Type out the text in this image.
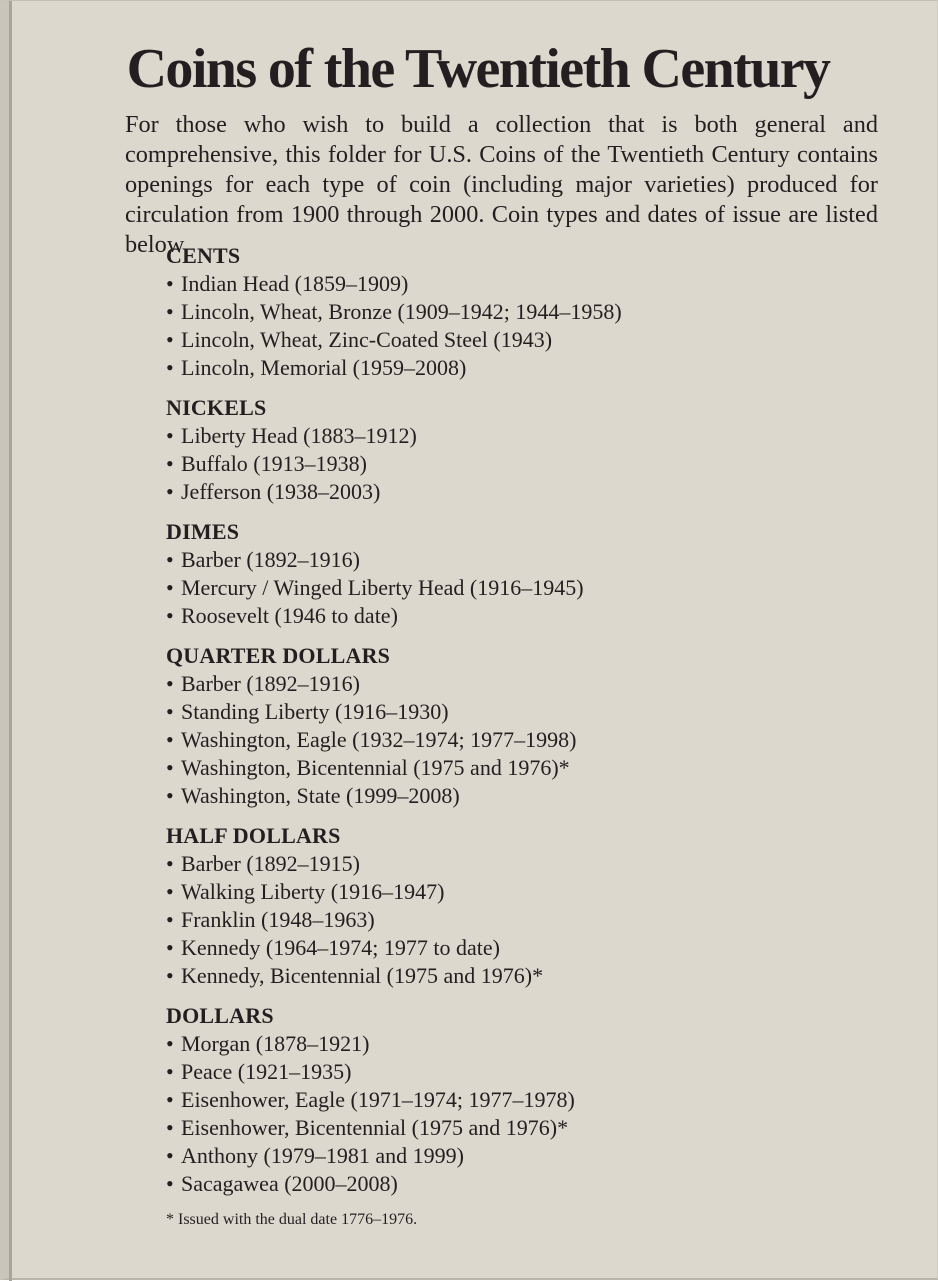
Coins of the Twentieth Century

For those who wish to build a collection that is both general and comprehensive, this folder for U.S. Coins of the Twentieth Century contains openings for each type of coin (including major varieties) produced for circulation from 1900 through 2000. Coin types and dates of issue are listed below.

CENTS
• Indian Head (1859–1909)
• Lincoln, Wheat, Bronze (1909–1942; 1944–1958)
• Lincoln, Wheat, Zinc-Coated Steel (1943)
• Lincoln, Memorial (1959–2008)
NICKELS
• Liberty Head (1883–1912)
• Buffalo (1913–1938)
• Jefferson (1938–2003)
DIMES
• Barber (1892–1916)
• Mercury / Winged Liberty Head (1916–1945)
• Roosevelt (1946 to date)
QUARTER DOLLARS
• Barber (1892–1916)
• Standing Liberty (1916–1930)
• Washington, Eagle (1932–1974; 1977–1998)
• Washington, Bicentennial (1975 and 1976)*
• Washington, State (1999–2008)
HALF DOLLARS
• Barber (1892–1915)
• Walking Liberty (1916–1947)
• Franklin (1948–1963)
• Kennedy (1964–1974; 1977 to date)
• Kennedy, Bicentennial (1975 and 1976)*
DOLLARS
• Morgan (1878–1921)
• Peace (1921–1935)
• Eisenhower, Eagle (1971–1974; 1977–1978)
• Eisenhower, Bicentennial (1975 and 1976)*
• Anthony (1979–1981 and 1999)
• Sacagawea (2000–2008)
* Issued with the dual date 1776–1976.
